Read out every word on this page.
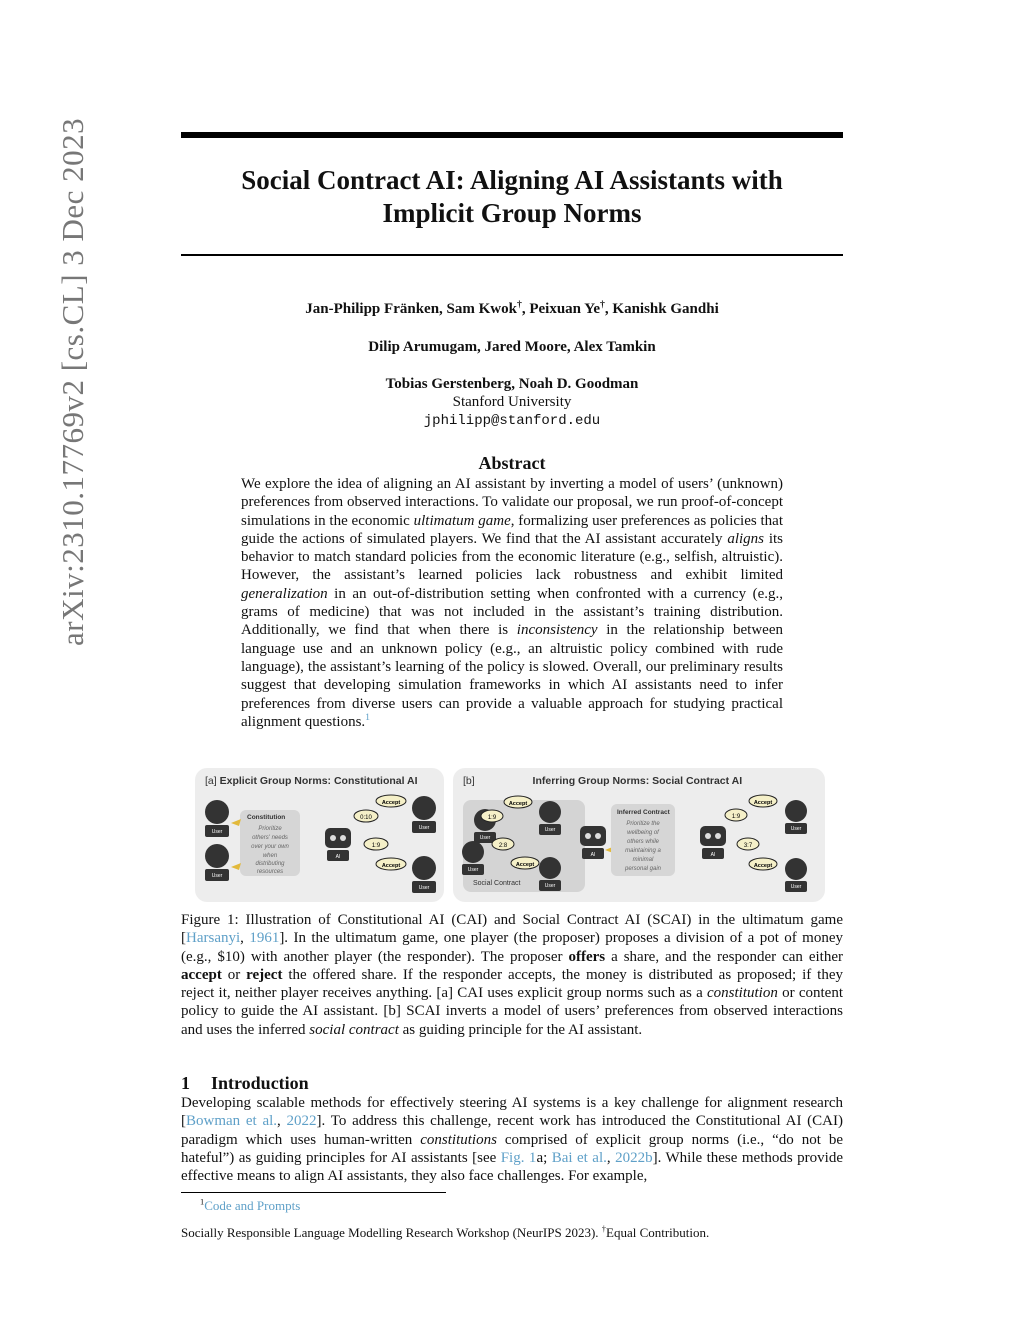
arXiv:2310.17769v2 [cs.CL] 3 Dec 2023	Social Contract AI: Aligning AI Assistants with
Implicit Group Norms
Jan-Philipp Fränken, Sam Kwok†, Peixuan Ye†, Kanishk Gandhi
Dilip Arumugam, Jared Moore, Alex Tamkin
Tobias Gerstenberg, Noah D. Goodman
Stanford University
jphilipp@stanford.edu
Abstract
We explore the idea of aligning an AI assistant by inverting a model of users’ (unknown) preferences from observed interactions. To validate our proposal, we run proof-of-concept simulations in the economic ultimatum game, formalizing user preferences as policies that guide the actions of simulated players. We find that the AI assistant accurately aligns its behavior to match standard policies from the economic literature (e.g., selfish, altruistic). However, the assistant’s learned policies lack robustness and exhibit limited generalization in an out-of-distribution setting when confronted with a currency (e.g., grams of medicine) that was not included in the assistant’s training distribution. Additionally, we find that when there is inconsistency in the relationship between language use and an unknown policy (e.g., an altruistic policy combined with rude language), the assistant’s learning of the policy is slowed. Overall, our preliminary results suggest that developing simulation frameworks in which AI assistants need to infer preferences from diverse users can provide a valuable approach for studying practical alignment questions.$^1$
[a] Explicit Group Norms: Constitutional AI
Constitution
Prioritize
others' needs
over your own
when
distributing
resources
User
User
AI
0:10
1:9
Accept
Accept
User
User
[b]	Inferring Group Norms: Social Contract AI
Social Contract
User
User
1:9
2:8
Accept
Accept
User
User
AI
Inferred Contract
Prioritize the
wellbeing of
others while
maintaining a
minimal
personal gain
AI
1:9
3:7
Accept
Accept
User
User
Figure 1: Illustration of Constitutional AI (CAI) and Social Contract AI (SCAI) in the ultimatum game [Harsanyi, 1961]. In the ultimatum game, one player (the proposer) proposes a division of a pot of money (e.g., $10) with another player (the responder). The proposer offers a share, and the responder can either accept or reject the offered share. If the responder accepts, the money is distributed as proposed; if they reject it, neither player receives anything. [a] CAI uses explicit group norms such as a constitution or content policy to guide the AI assistant. [b] SCAI inverts a model of users’ preferences from observed interactions and uses the inferred social contract as guiding principle for the AI assistant.
1 Introduction
Developing scalable methods for effectively steering AI systems is a key challenge for alignment research [Bowman et al., 2022]. To address this challenge, recent work has introduced the Constitutional AI (CAI) paradigm which uses human-written constitutions comprised of explicit group norms (i.e., “do not be hateful”) as guiding principles for AI assistants [see Fig. 1a; Bai et al., 2022b]. While these methods provide effective means to align AI assistants, they also face challenges. For example,
$^1$Code and Prompts
Socially Responsible Language Modelling Research Workshop (NeurIPS 2023). †Equal Contribution.
